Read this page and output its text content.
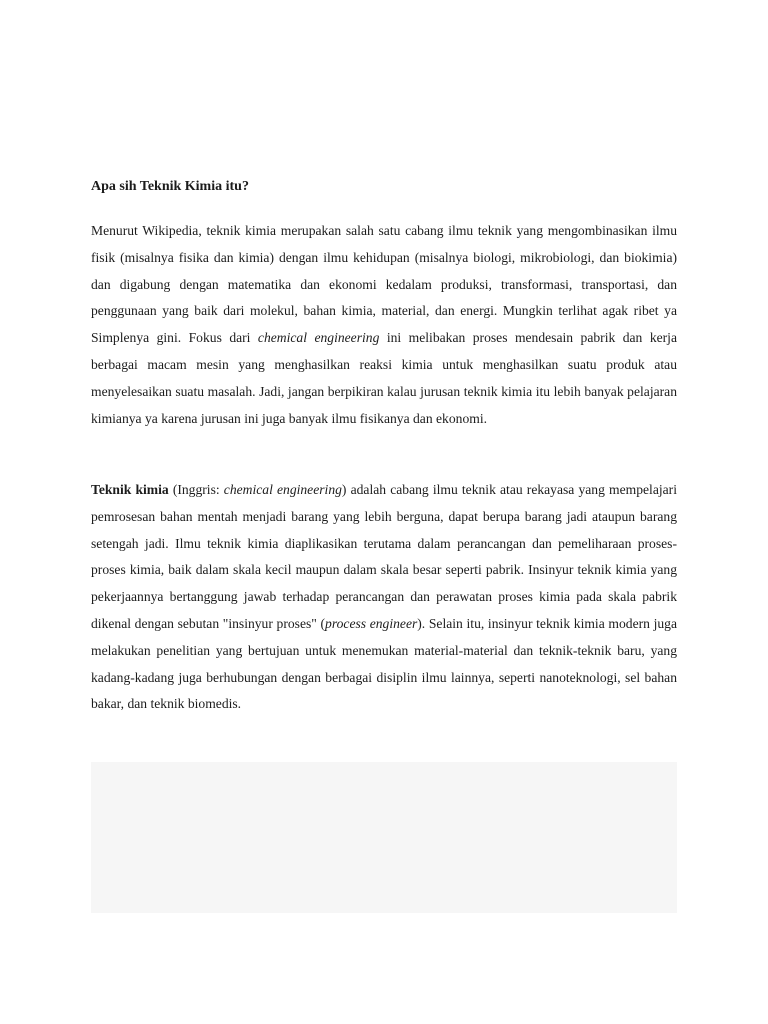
Apa sih Teknik Kimia itu?

Menurut Wikipedia, teknik kimia merupakan salah satu cabang ilmu teknik yang mengombinasikan ilmu fisik (misalnya fisika dan kimia) dengan ilmu kehidupan (misalnya biologi, mikrobiologi, dan biokimia) dan digabung dengan matematika dan ekonomi kedalam produksi, transformasi, transportasi, dan penggunaan yang baik dari molekul, bahan kimia, material, dan energi. Mungkin terlihat agak ribet ya Simplenya gini. Fokus dari chemical engineering ini melibakan proses mendesain pabrik dan kerja berbagai macam mesin yang menghasilkan reaksi kimia untuk menghasilkan suatu produk atau menyelesaikan suatu masalah. Jadi, jangan berpikiran kalau jurusan teknik kimia itu lebih banyak pelajaran kimianya ya karena jurusan ini juga banyak ilmu fisikanya dan ekonomi.

Teknik kimia (Inggris: chemical engineering) adalah cabang ilmu teknik atau rekayasa yang mempelajari pemrosesan bahan mentah menjadi barang yang lebih berguna, dapat berupa barang jadi ataupun barang setengah jadi. Ilmu teknik kimia diaplikasikan terutama dalam perancangan dan pemeliharaan proses-proses kimia, baik dalam skala kecil maupun dalam skala besar seperti pabrik. Insinyur teknik kimia yang pekerjaannya bertanggung jawab terhadap perancangan dan perawatan proses kimia pada skala pabrik dikenal dengan sebutan "insinyur proses" (process engineer). Selain itu, insinyur teknik kimia modern juga melakukan penelitian yang bertujuan untuk menemukan material-material dan teknik-teknik baru, yang kadang-kadang juga berhubungan dengan berbagai disiplin ilmu lainnya, seperti nanoteknologi, sel bahan bakar, dan teknik biomedis.
